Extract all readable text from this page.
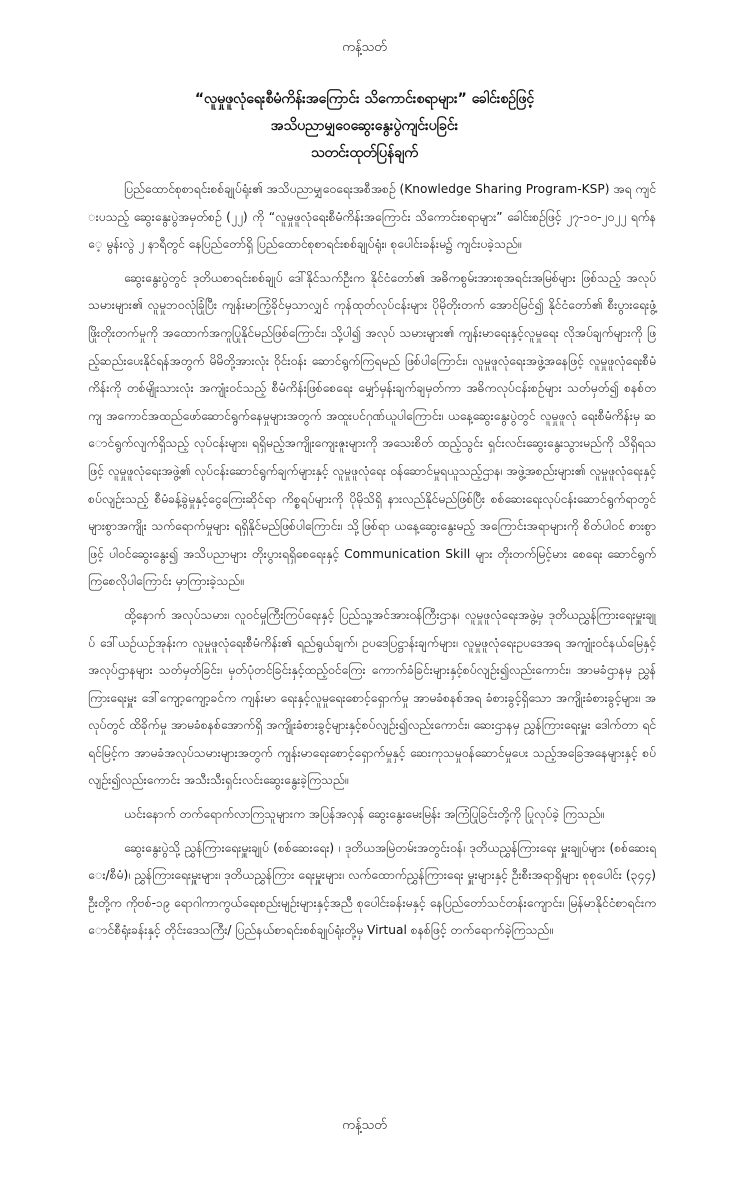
ကန့်သတ်
“လူမှုဖူလုံရေးစီမံကိန်းအကြောင်း သိကောင်းစရာများ” ခေါင်းစဉ်ဖြင့်
အသိပညာမျှဝေဆွေးနွေးပွဲကျင်းပခြင်း
သတင်းထုတ်ပြန်ချက်

ပြည်ထောင်စုစာရင်းစစ်ချုပ်ရုံး၏ အသိပညာမျှဝေရေးအစီအစဉ် (Knowledge Sharing Program-KSP) အရ ကျင်းပသည့် ဆွေးနွေးပွဲအမှတ်စဉ် (၂၂) ကို “လူမှုဖူလုံရေးစီမံကိန်းအကြောင်း သိကောင်းစရာများ” ခေါင်းစဉ်ဖြင့် ၂၇-၁၀-၂၀၂၂ ရက်နေ့ မွန်းလွဲ ၂ နာရီတွင် နေပြည်တော်ရှိ ပြည်ထောင်စုစာရင်းစစ်ချုပ်ရုံး၊ စုပေါင်းခန်းမ၌ ကျင်းပခဲ့သည်။

ဆွေးနွေးပွဲတွင် ဒုတိယစာရင်းစစ်ချုပ် ဒေါ်နိုင်သက်ဦးက နိုင်ငံတော်၏ အဓိကစွမ်းအားစုအရင်းအမြစ်များ ဖြစ်သည့် အလုပ်သမားများ၏ လူမှုဘဝလုံခြုံပြီး ကျန်းမာကြံ့ခိုင်မှသာလျှင် ကုန်ထုတ်လုပ်ငန်းများ ပိုမိုတိုးတက် အောင်မြင်၍ နိုင်ငံတော်၏ စီးပွားရေးဖွံ့ဖြိုးတိုးတက်မှုကို အထောက်အကူပြုနိုင်မည်ဖြစ်ကြောင်း၊ သို့ပါ၍ အလုပ် သမားများ၏ ကျန်းမာရေးနှင့်လူမှုရေး လိုအပ်ချက်များကို ဖြည့်ဆည်းပေးနိုင်ရန်အတွက် မိမိတို့အားလုံး ဝိုင်းဝန်း ဆောင်ရွက်ကြရမည် ဖြစ်ပါကြောင်း၊ လူမှုဖူလုံရေးအဖွဲ့အနေဖြင့် လူမှုဖူလုံရေးစီမံကိန်းကို တစ်မျိုးသားလုံး အကျုံးဝင်သည့် စီမံကိန်းဖြစ်စေရေး မျှော်မှန်းချက်ချမှတ်ကာ အဓိကလုပ်ငန်းစဉ်များ သတ်မှတ်၍ စနစ်တကျ အကောင်အထည်ဖော်ဆောင်ရွက်နေမှုများအတွက် အထူးပင်ဂုဏ်ယူပါကြောင်း၊ ယနေ့ဆွေးနွေးပွဲတွင် လူမှုဖူလုံ ရေးစီမံကိန်းမှ ဆောင်ရွက်လျက်ရှိသည့် လုပ်ငန်းများ၊ ရရှိမည့်အကျိုးကျေးဇူးများကို အသေးစိတ် ထည့်သွင်း ရှင်းလင်းဆွေးနွေးသွားမည်ကို သိရှိရသဖြင့် လူမှုဖူလုံရေးအဖွဲ့၏ လုပ်ငန်းဆောင်ရွက်ချက်များနှင့် လူမှုဖူလုံရေး ဝန်ဆောင်မှုရယူသည့်ဌာန၊ အဖွဲ့အစည်းများ၏ လူမှုဖူလုံရေးနှင့်စပ်လျဉ်းသည့် စီမံခန့်ခွဲမှုနှင့်ငွေကြေးဆိုင်ရာ ကိစ္စရပ်များကို ပိုမိုသိရှိ နားလည်နိုင်မည်ဖြစ်ပြီး စစ်ဆေးရေးလုပ်ငန်းဆောင်ရွက်ရာတွင် များစွာအကျိုး သက်ရောက်မှုများ ရရှိနိုင်မည်ဖြစ်ပါကြောင်း၊ သို့ဖြစ်ရာ ယနေ့ဆွေးနွေးမည့် အကြောင်းအရာများကို စိတ်ပါဝင် စားစွာဖြင့် ပါဝင်ဆွေးနွေး၍ အသိပညာများ တိုးပွားရရှိစေရေးနှင့် Communication Skill များ တိုးတက်မြင့်မား စေရေး ဆောင်ရွက်ကြစေလိုပါကြောင်း မှာကြားခဲ့သည်။

ထို့နောက် အလုပ်သမား၊ လူဝင်မှုကြီးကြပ်ရေးနှင့် ပြည်သူ့အင်အားဝန်ကြီးဌာန၊ လူမှုဖူလုံရေးအဖွဲ့မှ ဒုတိယညွှန်ကြားရေးမှူးချုပ် ဒေါ်ယဉ်ယဉ်အုန်းက လူမှုဖူလုံရေးစီမံကိန်း၏ ရည်ရွယ်ချက်၊ ဥပဒေပြဋ္ဌာန်းချက်များ၊ လူမှုဖူလုံရေးဥပဒေအရ အကျုံးဝင်နယ်မြေနှင့် အလုပ်ဌာနများ သတ်မှတ်ခြင်း၊ မှတ်ပုံတင်ခြင်းနှင့်ထည့်ဝင်ကြေး ကောက်ခံခြင်းများနှင့်စပ်လျဉ်း၍လည်းကောင်း၊ အာမခံဌာနမှ ညွှန်ကြားရေးမှူး ဒေါ်ကျော့ကျော့ခင်က ကျန်းမာ ရေးနှင့်လူမှုရေးစောင့်ရှောက်မှု အာမခံစနစ်အရ ခံစားခွင့်ရှိသော အကျိုးခံစားခွင့်များ၊ အလုပ်တွင် ထိခိုက်မှု အာမခံစနစ်အောက်ရှိ အကျိုးခံစားခွင့်များနှင့်စပ်လျဉ်း၍လည်းကောင်း၊ ဆေးဌာနမှ ညွှန်ကြားရေးမှူး ဒေါက်တာ ရင်ရင်မြင့်က အာမခံအလုပ်သမားများအတွက် ကျန်းမာရေးစောင့်ရှောက်မှုနှင့် ဆေးကုသမှုဝန်ဆောင်မှုပေး သည့်အခြေအနေများနှင့် စပ်လျဉ်း၍လည်းကောင်း အသီးသီးရှင်းလင်းဆွေးနွေးခဲ့ကြသည်။

ယင်းနောက် တက်ရောက်လာကြသူများက အပြန်အလှန် ဆွေးနွေးမေးမြန်း အကြံပြုခြင်းတို့ကို ပြုလုပ်ခဲ့ ကြသည်။

ဆွေးနွေးပွဲသို့ ညွှန်ကြားရေးမှူးချုပ် (စစ်ဆေးရေး) ၊ ဒုတိယအမြဲတမ်းအတွင်းဝန်၊ ဒုတိယညွှန်ကြားရေး မှူးချုပ်များ (စစ်ဆေးရေး/စီမံ)၊ ညွှန်ကြားရေးမှူးများ၊ ဒုတိယညွှန်ကြား ရေးမှူးများ၊ လက်ထောက်ညွှန်ကြားရေး မှူးများနှင့် ဦးစီးအရာရှိများ စုစုပေါင်း (၃၄၄) ဦးတို့က ကိုဗစ်-၁၉ ရောဂါကာကွယ်ရေးစည်းမျဉ်းများနှင့်အညီ စုပေါင်းခန်းမနှင့် နေပြည်တော်သင်တန်းကျောင်း၊ မြန်မာနိုင်ငံစာရင်းကောင်စီရုံးခန်းနှင့် တိုင်းဒေသကြီး/ ပြည်နယ်စာရင်းစစ်ချုပ်ရုံးတို့မှ Virtual စနစ်ဖြင့် တက်ရောက်ခဲ့ကြသည်။

ကန့်သတ်
